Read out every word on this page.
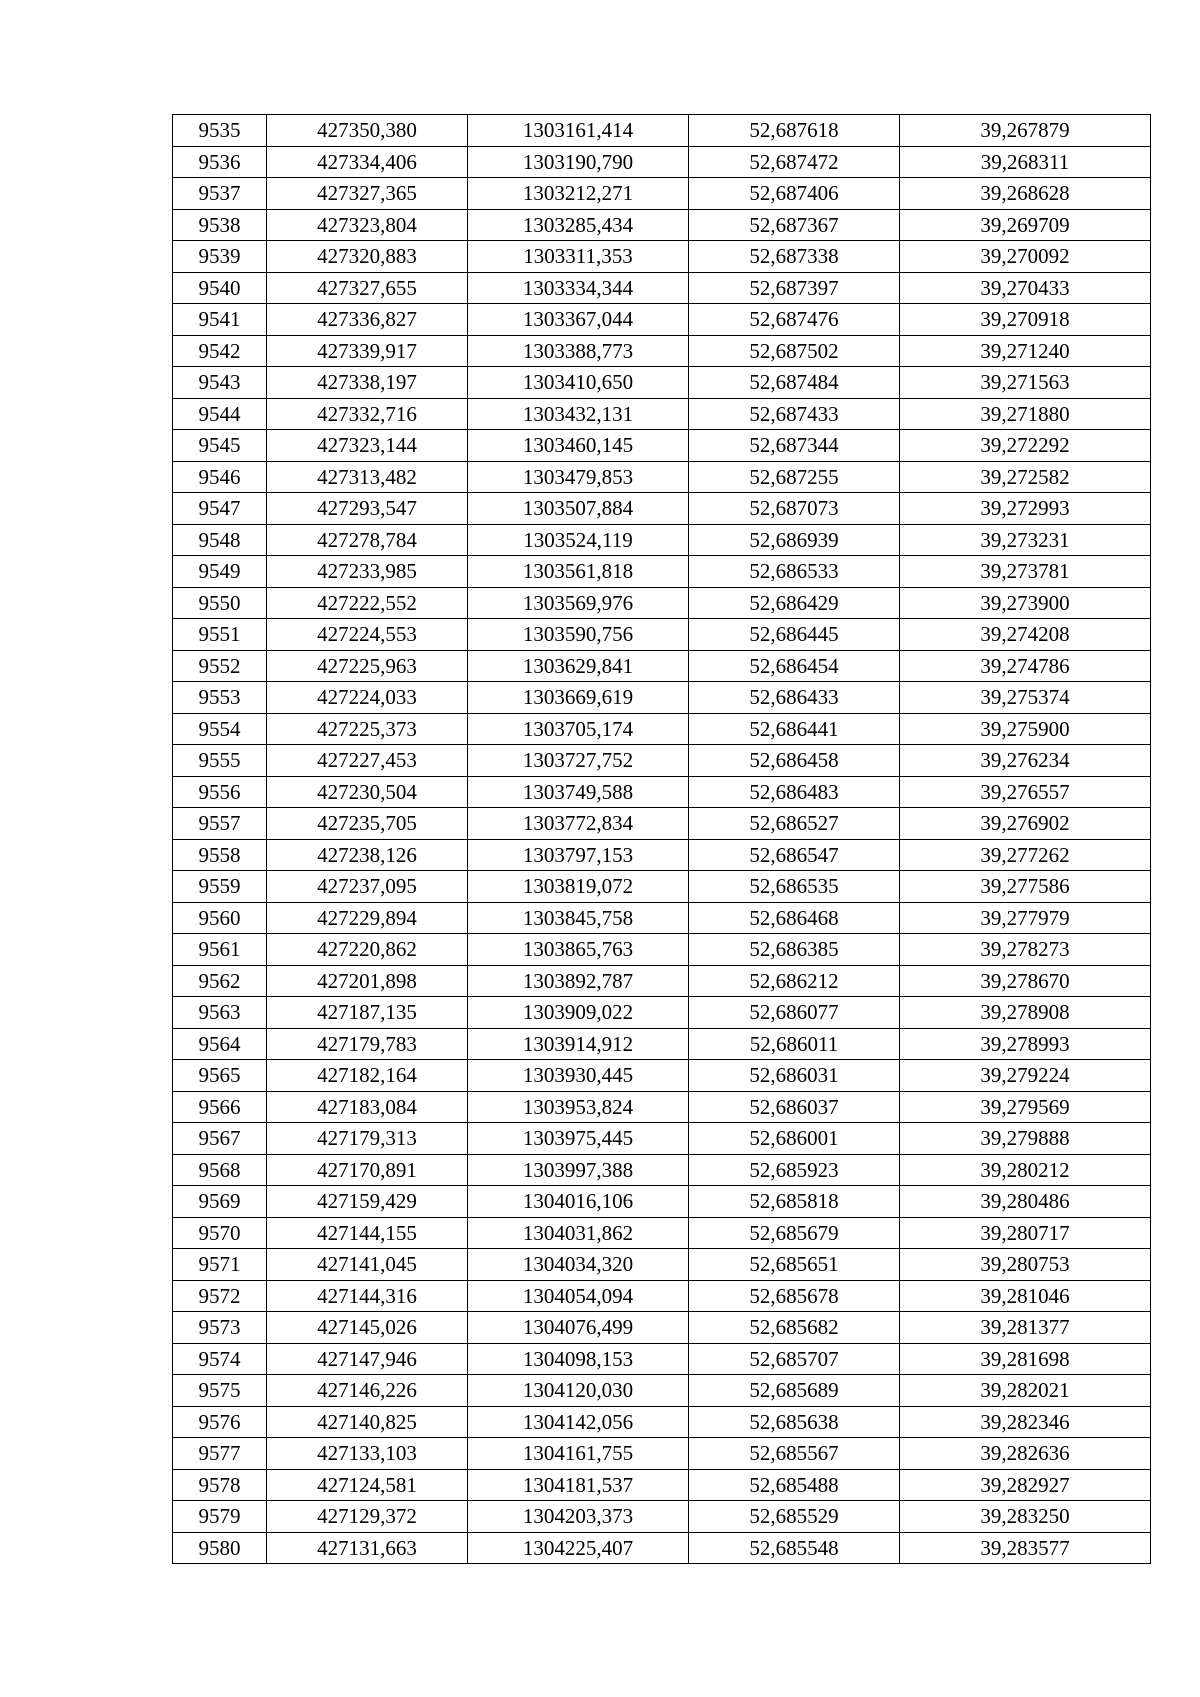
9535	427350,380	1303161,414	52,687618	39,267879
9536	427334,406	1303190,790	52,687472	39,268311
9537	427327,365	1303212,271	52,687406	39,268628
9538	427323,804	1303285,434	52,687367	39,269709
9539	427320,883	1303311,353	52,687338	39,270092
9540	427327,655	1303334,344	52,687397	39,270433
9541	427336,827	1303367,044	52,687476	39,270918
9542	427339,917	1303388,773	52,687502	39,271240
9543	427338,197	1303410,650	52,687484	39,271563
9544	427332,716	1303432,131	52,687433	39,271880
9545	427323,144	1303460,145	52,687344	39,272292
9546	427313,482	1303479,853	52,687255	39,272582
9547	427293,547	1303507,884	52,687073	39,272993
9548	427278,784	1303524,119	52,686939	39,273231
9549	427233,985	1303561,818	52,686533	39,273781
9550	427222,552	1303569,976	52,686429	39,273900
9551	427224,553	1303590,756	52,686445	39,274208
9552	427225,963	1303629,841	52,686454	39,274786
9553	427224,033	1303669,619	52,686433	39,275374
9554	427225,373	1303705,174	52,686441	39,275900
9555	427227,453	1303727,752	52,686458	39,276234
9556	427230,504	1303749,588	52,686483	39,276557
9557	427235,705	1303772,834	52,686527	39,276902
9558	427238,126	1303797,153	52,686547	39,277262
9559	427237,095	1303819,072	52,686535	39,277586
9560	427229,894	1303845,758	52,686468	39,277979
9561	427220,862	1303865,763	52,686385	39,278273
9562	427201,898	1303892,787	52,686212	39,278670
9563	427187,135	1303909,022	52,686077	39,278908
9564	427179,783	1303914,912	52,686011	39,278993
9565	427182,164	1303930,445	52,686031	39,279224
9566	427183,084	1303953,824	52,686037	39,279569
9567	427179,313	1303975,445	52,686001	39,279888
9568	427170,891	1303997,388	52,685923	39,280212
9569	427159,429	1304016,106	52,685818	39,280486
9570	427144,155	1304031,862	52,685679	39,280717
9571	427141,045	1304034,320	52,685651	39,280753
9572	427144,316	1304054,094	52,685678	39,281046
9573	427145,026	1304076,499	52,685682	39,281377
9574	427147,946	1304098,153	52,685707	39,281698
9575	427146,226	1304120,030	52,685689	39,282021
9576	427140,825	1304142,056	52,685638	39,282346
9577	427133,103	1304161,755	52,685567	39,282636
9578	427124,581	1304181,537	52,685488	39,282927
9579	427129,372	1304203,373	52,685529	39,283250
9580	427131,663	1304225,407	52,685548	39,283577
